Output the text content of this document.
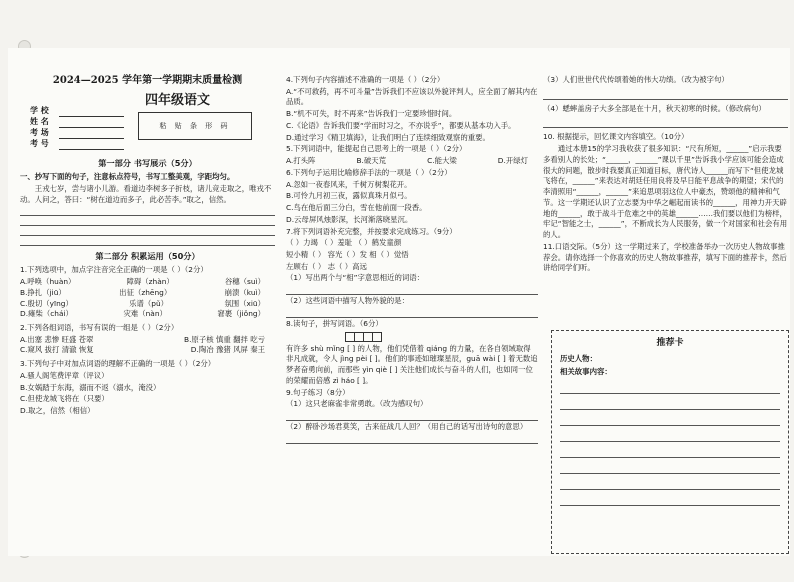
2024—2025 学年第一学期期末质量检测
四年级语文
学 校
姓 名
考 场
考 号
粘 贴 条 形 码
第一部分 书写展示（5分）
一、抄写下面的句子，注意标点符号，书写工整美观，字距均匀。
王戎七岁，尝与诸小儿游。看道边李树多子折枝，诸儿竞走取之，唯戎不动。人问之，答曰：“树在道边而多子，此必苦李。”取之，信然。
第二部分 积累运用（50分）
1.下列选项中，加点字注音完全正确的一项是（ ）（2分）
A.呼唤（huàn）	障碍（zhàn）	谷穗（suì）
B.挣扎（jiū）	出征（zhēng）	崩溃（kuì）
C.殷切（yīng）	乐谱（pǔ）	氛围（xiū）
D.瘫柴（chái）	灾难（nàn）	窘裹（jiǒng）
2.下列各组词语，书写有误的一组是（ ）（2分）
A.出塞 悲惨 旺盛 苍翠	B.原子核 慎重 翻拌 吃亏
C.窥风 拔打 清澈 恢复	D.陶冶 豫猪 风屏 秦王
3.下列句子中对加点词语的理解不正确的一项是（ ）（2分）
A.骚人阁笔费评章（评议）
B.女娲踏于东海，溺而不返（溺水，淹没）
C.但使龙城飞将在（只要）
D.取之，信然（相信）
4.下列句子内容描述不准确的一项是（ ）（2分）
A.“不可救药，再不可斗量”告诉我们不应该以外貌评判人，应全面了解其内在品质。
B.“机不可失，时不再来”告诉我们一定要珍惜时间。
C.《论语》告诉我们要“学而时习之，不亦说乎”，都要从基本功入手。
D.通过学习《精卫填海》，让我们明白了连续细致观察的重要。
5.下列词语中，能提起自己思考上的一项是（ ）（2分）
A.打头阵	B.破天荒	C.能大梁	D.开绿灯
6.下列句子运用比喻修辞手法的一项是（ ）（2分）
A.忽如一夜春风来，千树万树梨花开。
B.可怜九月初三夜，露似真珠月似弓。
C.鸟在他后面三分白，雪在他前面一段香。
D.云母屏风烛影深，长河渐落晓星沉。
7.将下列词语补充完整，并按要求完成练习。（9分）
（ ）力竭 （ ）羞耻 （ ）鹤发童颜
短小精（ ） 容光（ ）发 相（ ）觉悟
左顾右（ ） 志（ ）高远
（1）写出两个与“相”字意思相近的词语：
（2）这些词语中描写人物外貌的是：
8.读句子，拼写词语。（6分）
有许多 shù mǐng [ ] 的人物，他们凭借着 qiáng 的力量，在各自领域取得非凡成就，令人 jìng pèi [ ]。他们的事迹如璀璨星辰，guā wài [ ] 着无数追梦者奋勇向前，而那些 yìn qiè [ ] 关注他们成长与奋斗的人们，也如同一位的荣耀而倍感 zì háo [ ]。
9.句子练习（8分）
（1）这只老麻雀非常勇敢。（改为感叹句）
（2）醉卧沙场君莫笑，古来征战几人回？（用自己的话写出诗句的意思）
（3）人们世世代代传颂着她的伟大功绩。（改为被字句）
（4）蟋蟀盖房子大多全部是在十月，秋天初寒的时候。（修改病句）
10. 根据提示，回忆课文内容填空。（10分）
通过本册15的学习我收获了很多知识：“尺有所短，______”启示我要多看别人的长处；“______，______”课以千里”告诉我小学应该可能会造成很大的问题，散步时我要真正知道目标，唐代诗人______而写下“但使龙城飞将在，______”来表达对胡廷任用良将及早日能平息战争的期望；宋代的李清照用“______，______”来追思项羽这位人中豪杰，赞颂他的精神和气节。这一学期还认识了立志要为中华之崛起而读书的______，用神力开天辟地的______，敢于战斗于危难之中的英雄______……我们要以他们为榜样，牢记“智能之士，______”，不断成长为人民服务，做一个对国家和社会有用的人。
11.口语交际。（5分）这一学期过来了，学校准备举办一次历史人物故事推荐会。请你选择一个你喜欢的历史人物故事推荐，填写下面的推荐卡，然后讲给同学们听。
推荐卡
历史人物：
相关故事内容：
